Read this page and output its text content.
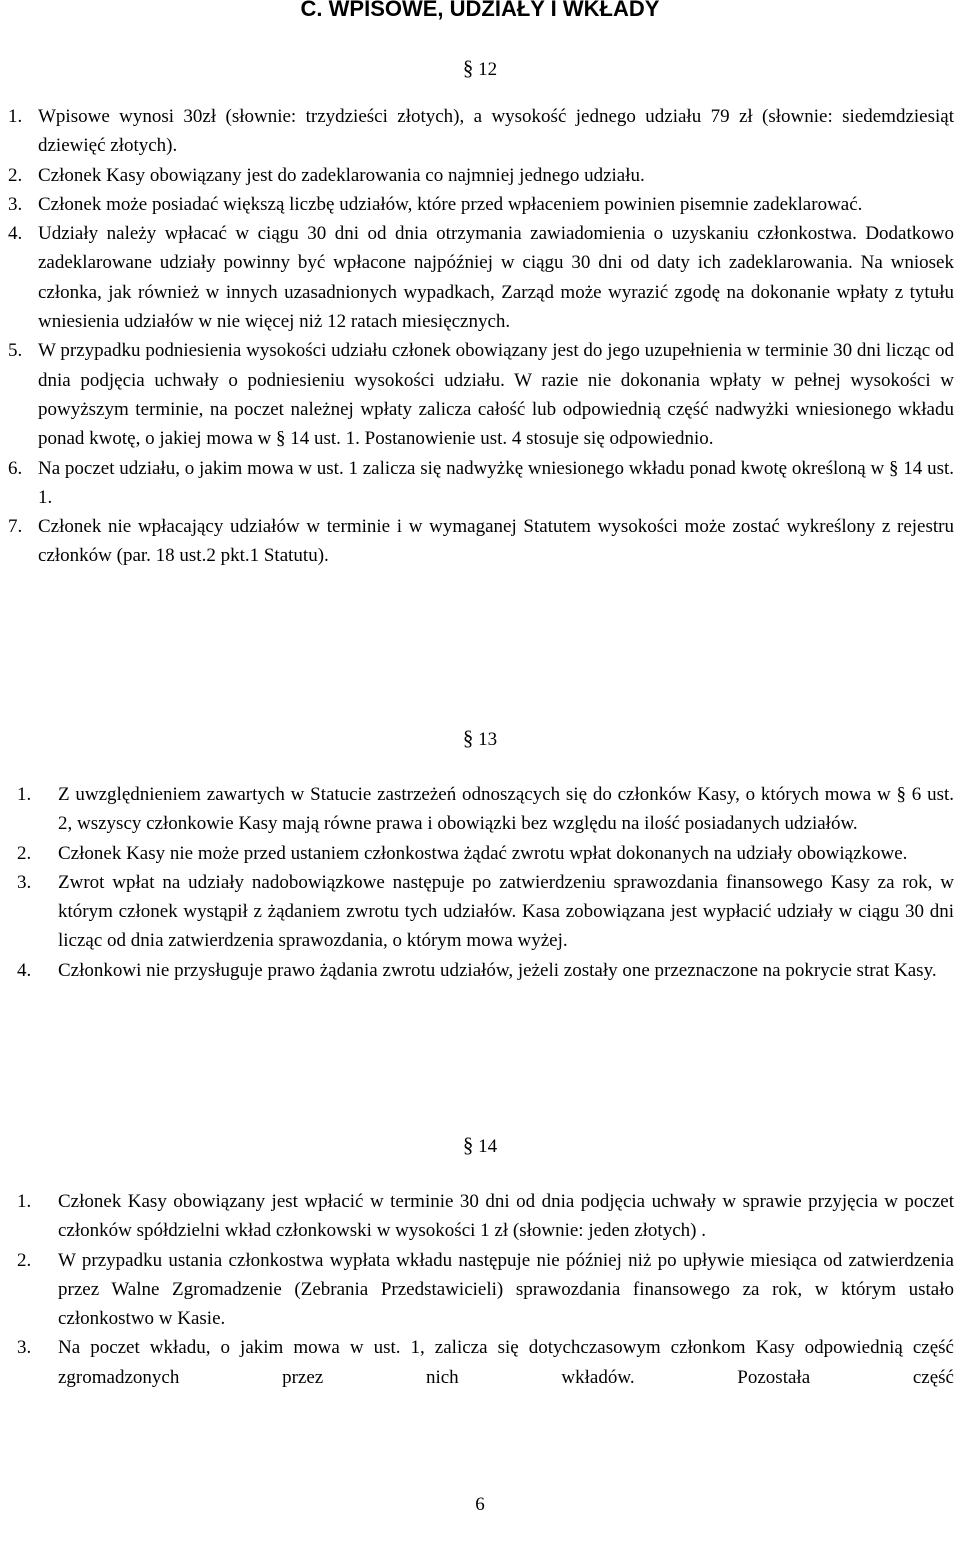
C. WPISOWE, UDZIAŁY I WKŁADY

§ 12

1. Wpisowe wynosi 30zł (słownie: trzydzieści złotych), a wysokość jednego udziału 79 zł (słownie: siedemdziesiąt dziewięć złotych).
2. Członek Kasy obowiązany jest do zadeklarowania co najmniej jednego udziału.
3. Członek może posiadać większą liczbę udziałów, które przed wpłaceniem powinien pisemnie zadeklarować.
4. Udziały należy wpłacać w ciągu 30 dni od dnia otrzymania zawiadomienia o uzyskaniu członkostwa. Dodatkowo zadeklarowane udziały powinny być wpłacone najpóźniej w ciągu 30 dni od daty ich zadeklarowania. Na wniosek członka, jak również w innych uzasadnionych wypadkach, Zarząd może wyrazić zgodę na dokonanie wpłaty z tytułu wniesienia udziałów w nie więcej niż 12 ratach miesięcznych.
5. W przypadku podniesienia wysokości udziału członek obowiązany jest do jego uzupełnienia w terminie 30 dni licząc od dnia podjęcia uchwały o podniesieniu wysokości udziału. W razie nie dokonania wpłaty w pełnej wysokości w powyższym terminie, na poczet należnej wpłaty zalicza całość lub odpowiednią część nadwyżki wniesionego wkładu ponad kwotę, o jakiej mowa w § 14 ust. 1. Postanowienie ust. 4 stosuje się odpowiednio.
6. Na poczet udziału, o jakim mowa w ust. 1 zalicza się nadwyżkę wniesionego wkładu ponad kwotę określoną w § 14 ust. 1.
7. Członek nie wpłacający udziałów w terminie i w wymaganej Statutem wysokości może zostać wykreślony z rejestru członków (par. 18 ust.2 pkt.1 Statutu).

§ 13

1. Z uwzględnieniem zawartych w Statucie zastrzeżeń odnoszących się do członków Kasy, o których mowa w § 6 ust. 2, wszyscy członkowie Kasy mają równe prawa i obowiązki bez względu na ilość posiadanych udziałów.
2. Członek Kasy nie może przed ustaniem członkostwa żądać zwrotu wpłat dokonanych na udziały obowiązkowe.
3. Zwrot wpłat na udziały nadobowiązkowe następuje po zatwierdzeniu sprawozdania finansowego Kasy za rok, w którym członek wystąpił z żądaniem zwrotu tych udziałów. Kasa zobowiązana jest wypłacić udziały w ciągu 30 dni licząc od dnia zatwierdzenia sprawozdania, o którym mowa wyżej.
4. Członkowi nie przysługuje prawo żądania zwrotu udziałów, jeżeli zostały one przeznaczone na pokrycie strat Kasy.

§ 14

1. Członek Kasy obowiązany jest wpłacić w terminie 30 dni od dnia podjęcia uchwały w sprawie przyjęcia w poczet członków spółdzielni wkład członkowski w wysokości 1 zł (słownie: jeden złotych) .
2. W przypadku ustania członkostwa wypłata wkładu następuje nie później niż po upływie miesiąca od zatwierdzenia przez Walne Zgromadzenie (Zebrania Przedstawicieli) sprawozdania finansowego za rok, w którym ustało członkostwo w Kasie.
3. Na poczet wkładu, o jakim mowa w ust. 1, zalicza się dotychczasowym członkom Kasy odpowiednią część zgromadzonych przez nich wkładów. Pozostała część
6
